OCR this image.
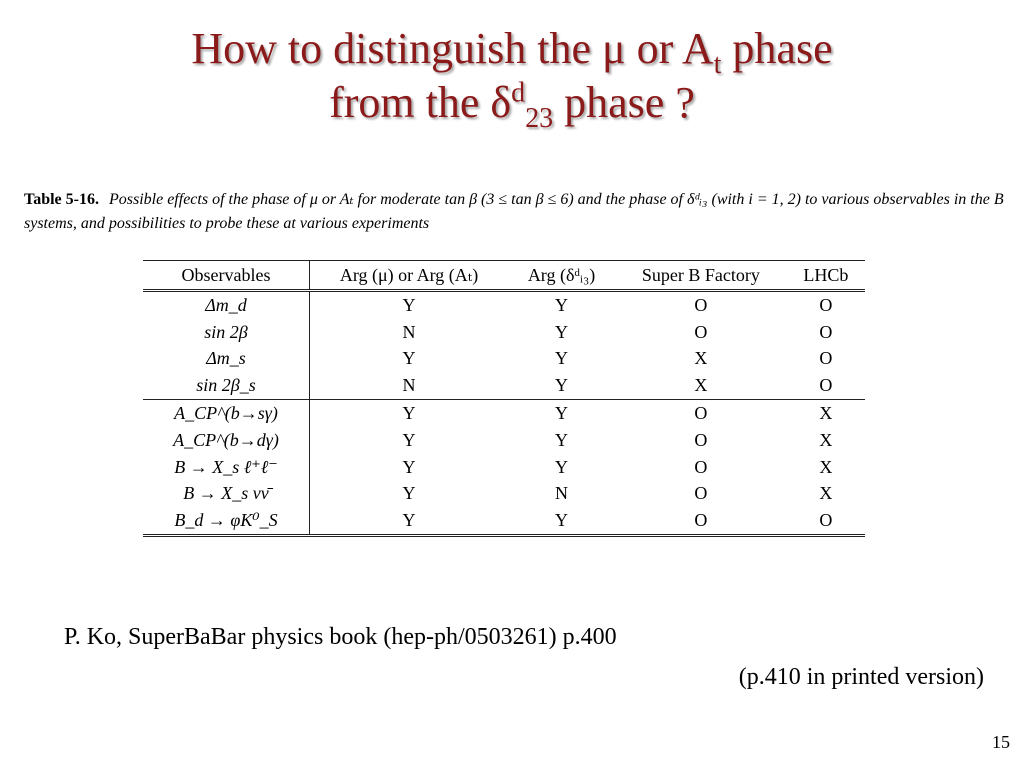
How to distinguish the μ or $A_t$ phase
from the $\delta^d_{23}$ phase ?
Table 5-16. Possible effects of the phase of μ or Aₜ for moderate tan β (3 ≤ tan β ≤ 6) and the phase of δᵈᵢ₃ (with i = 1, 2) to various observables in the B systems, and possibilities to probe these at various experiments
Observables	Arg (μ) or Arg (Aₜ)	Arg (δᵈᵢ₃)	Super B Factory	LHCb
Δm_d	Y	Y	O	O
sin 2β	N	Y	O	O
Δm_s	Y	Y	X	O
sin 2β_s	N	Y	X	O
A_CP^(b→sγ)	Y	Y	O	X
A_CP^(b→dγ)	Y	Y	O	X
B → X_s ℓ⁺ℓ⁻	Y	Y	O	X
B → X_s νν̄	Y	N	O	X
B_d → φK⁰_S	Y	Y	O	O
P. Ko, SuperBaBar physics book (hep-ph/0503261) p.400
(p.410 in printed version)
15
